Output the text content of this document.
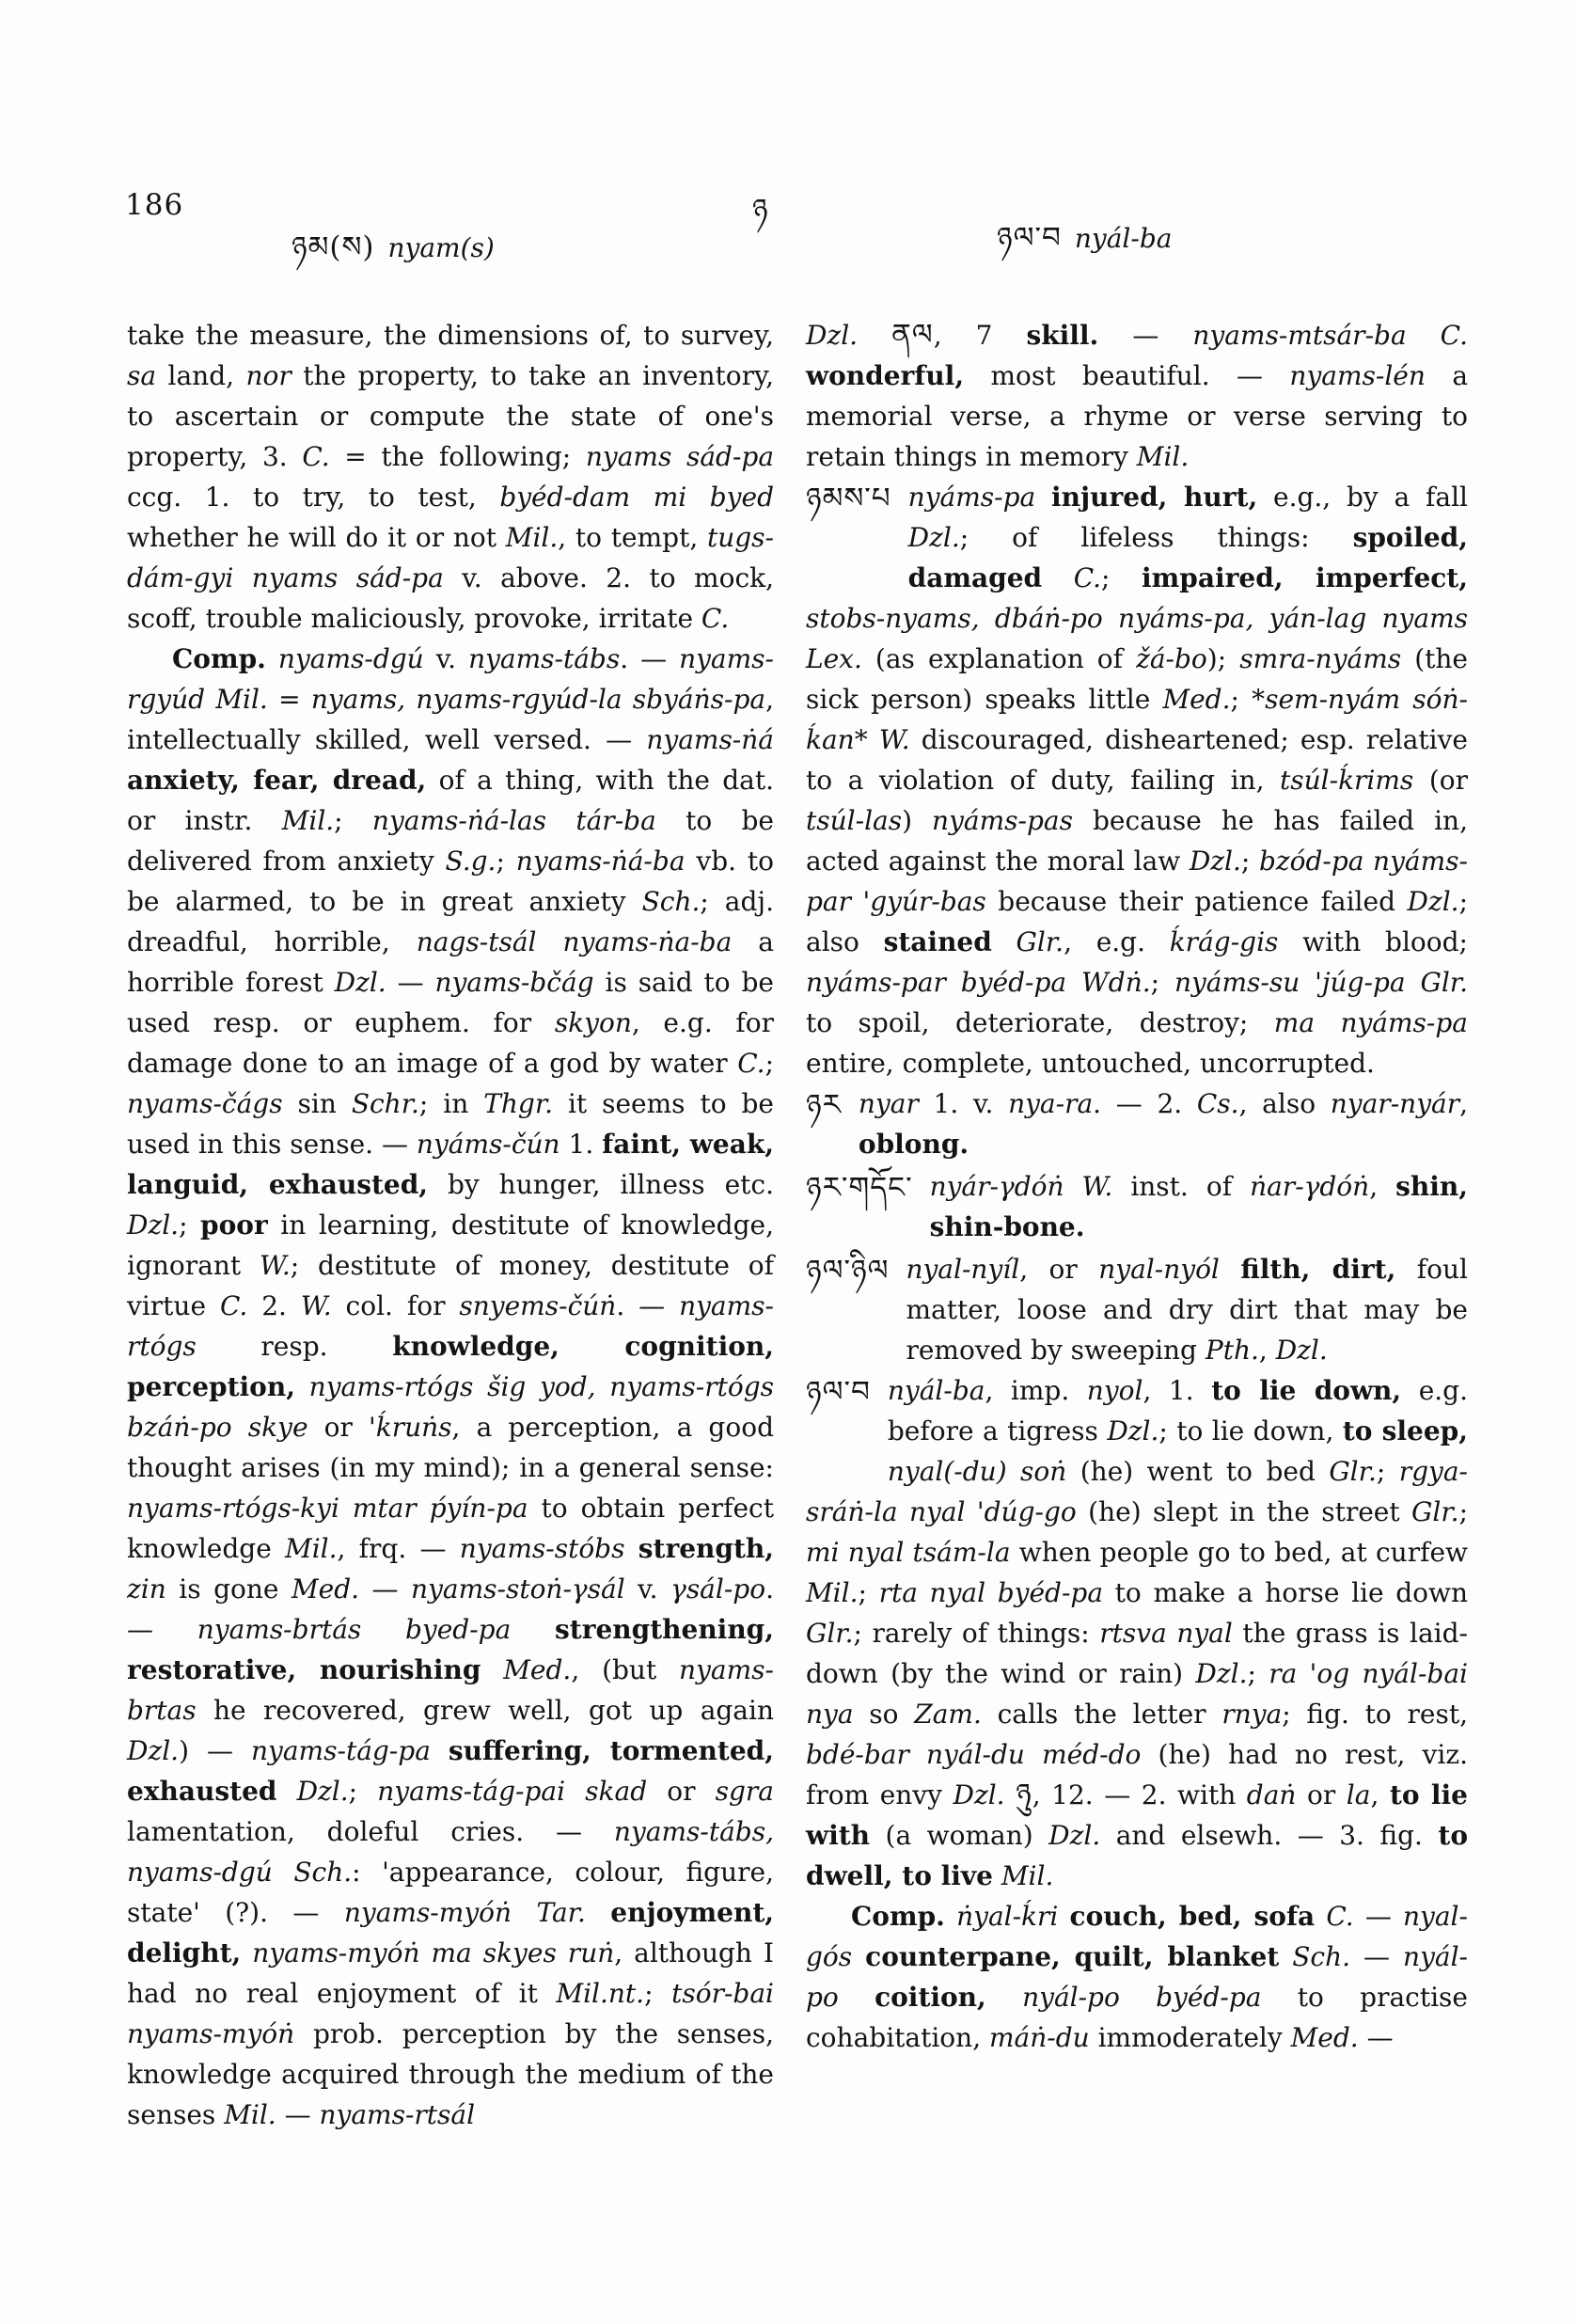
186
ཉམ(ས) nyam(s)
ཉ
ཉལ་བ nyál-ba
take the measure, the dimensions of, to survey, sa land, nor the property, to take an inventory, to ascertain or compute the state of one's property, 3. C. = the following; nyams sád-pa ccg. 1. to try, to test, byéd-dam mi byed whether he will do it or not Mil., to tempt, tugs-dám-gyi nyams sád-pa v. above. 2. to mock, scoff, trouble maliciously, provoke, irritate C.
Comp. nyams-dgú v. nyams-tábs. — nyams-rgyúd Mil. = nyams, nyams-rgyúd-la sbyáṅs-pa, intellectually skilled, well versed. — nyams-ṅá anxiety, fear, dread, of a thing, with the dat. or instr. Mil.; nyams-ṅá-las tár-ba to be delivered from anxiety S.g.; nyams-ṅá-ba vb. to be alarmed, to be in great anxiety Sch.; adj. dreadful, horrible, nags-tsál nyams-ṅa-ba a horrible forest Dzl. — nyams-bčág is said to be used resp. or euphem. for skyon, e.g. for damage done to an image of a god by water C.; nyams-čágs sin Schr.; in Thgr. it seems to be used in this sense. — nyáms-čún 1. faint, weak, languid, exhausted, by hunger, illness etc. Dzl.; poor in learning, destitute of knowledge, ignorant W.; destitute of money, destitute of virtue C. 2. W. col. for snyems-čúṅ. — nyams-rtógs resp. knowledge, cognition, perception, nyams-rtógs šig yod, nyams-rtógs bzáṅ-po skye or 'ḱruṅs, a perception, a good thought arises (in my mind); in a general sense: nyams-rtógs-kyi mtar ṕyín-pa to obtain perfect knowledge Mil., frq. — nyams-stóbs strength, zin is gone Med. — nyams-stoṅ-γsál v. γsál-po. — nyams-brtás byed-pa strengthening, restorative, nourishing Med., (but nyams-brtas he recovered, grew well, got up again Dzl.) — nyams-tág-pa suffering, tormented, exhausted Dzl.; nyams-tág-pai skad or sgra lamentation, doleful cries. — nyams-tábs, nyams-dgú Sch.: 'appearance, colour, figure, state' (?). — nyams-myóṅ Tar. enjoyment, delight, nyams-myóṅ ma skyes ruṅ, although I had no real enjoyment of it Mil.nt.; tsór-bai nyams-myóṅ prob. perception by the senses, knowledge acquired through the medium of the senses Mil. — nyams-rtsál
Dzl. ནལ, 7 skill. — nyams-mtsár-ba C. wonderful, most beautiful. — nyams-lén a memorial verse, a rhyme or verse serving to retain things in memory Mil.
ཉམས་པ nyáms-pa injured, hurt, e.g., by a fall Dzl.; of lifeless things: spoiled, damaged C.; impaired, imperfect, stobs-nyams, dbáṅ-po nyáms-pa, yán-lag nyams Lex. (as explanation of žá-bo); smra-nyáms (the sick person) speaks little Med.; *sem-nyám sóṅ-ḱan* W. discouraged, disheartened; esp. relative to a violation of duty, failing in, tsúl-ḱrims (or tsúl-las) nyáms-pas because he has failed in, acted against the moral law Dzl.; bzód-pa nyáms-par 'gyúr-bas because their patience failed Dzl.; also stained Glr., e.g. ḱrág-gis with blood; nyáms-par byéd-pa Wdṅ.; nyáms-su 'júg-pa Glr. to spoil, deteriorate, destroy; ma nyáms-pa entire, complete, untouched, uncorrupted.
ཉར nyar 1. v. nya-ra. — 2. Cs., also nyar-nyár, oblong.
ཉར་གདོང་ nyár-γdóṅ W. inst. of ṅar-γdóṅ, shin, shin-bone.
ཉལ་ཉིལ nyal-nyíl, or nyal-nyól filth, dirt, foul matter, loose and dry dirt that may be removed by sweeping Pth., Dzl.
ཉལ་བ nyál-ba, imp. nyol, 1. to lie down, e.g. before a tigress Dzl.; to lie down, to sleep, nyal(-du) soṅ (he) went to bed Glr.; rgya-sráṅ-la nyal 'dúg-go (he) slept in the street Glr.; mi nyal tsám-la when people go to bed, at curfew Mil.; rta nyal byéd-pa to make a horse lie down Glr.; rarely of things: rtsva nyal the grass is laid-down (by the wind or rain) Dzl.; ra 'og nyál-bai nya so Zam. calls the letter rnya; fig. to rest, bdé-bar nyál-du méd-do (he) had no rest, viz. from envy Dzl. ཉུ, 12. — 2. with daṅ or la, to lie with (a woman) Dzl. and elsewh. — 3. fig. to dwell, to live Mil.
Comp. ṅyal-ḱri couch, bed, sofa C. — nyal-gós counterpane, quilt, blanket Sch. — nyál-po coition, nyál-po byéd-pa to practise cohabitation, máṅ-du immoderately Med. —
